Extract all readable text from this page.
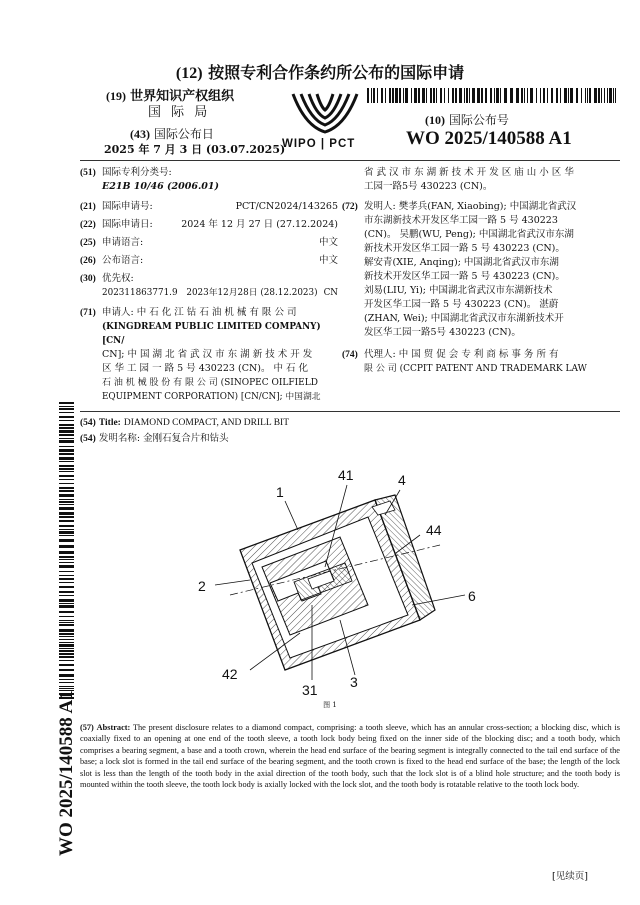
(12) 按照专利合作条约所公布的国际申请
(19) 世界知识产权组织
国 际 局
(43) 国际公布日
2025 年 7 月 3 日 (03.07.2025)
WIPO | PCT
(10) 国际公布号
WO 2025/140588 A1
(51) 国际专利分类号:
E21B 10/46 (2006.01)
(21) 国际申请号:	PCT/CN2024/143265
(22) 国际申请日:	2024 年 12 月 27 日 (27.12.2024)
(25) 申请语言:	中文
(26) 公布语言:	中文
(30) 优先权:
202311863771.9 2023年12月28日 (28.12.2023) CN
(71) 申请人: 中 石 化 江 钻 石 油 机 械 有 限 公 司
(KINGDREAM PUBLIC LIMITED COMPANY) [CN/
CN]; 中 国 湖 北 省 武 汉 市 东 湖 新 技 术 开 发
区 华 工 园 一 路 5 号 430223 (CN)。 中 石 化
石 油 机 械 股 份 有 限 公 司 (SINOPEC OILFIELD
EQUIPMENT CORPORATION) [CN/CN]; 中国湖北
省 武 汉 市 东 湖 新 技 术 开 发 区 庙 山 小 区 华
工园一路5号 430223 (CN)。
(72) 发明人: 樊孝兵(FAN, Xiaobing); 中国湖北省武汉
市东湖新技术开发区华工园一路 5 号 430223
(CN)。 吴鹏(WU, Peng); 中国湖北省武汉市东湖
新技术开发区华工园一路 5 号 430223 (CN)。
解安青(XIE, Anqing); 中国湖北省武汉市东湖
新技术开发区华工园一路 5 号 430223 (CN)。
刘易(LIU, Yi); 中国湖北省武汉市东湖新技术
开发区华工园一路 5 号 430223 (CN)。 湛蔚
(ZHAN, Wei); 中国湖北省武汉市东湖新技术开
发区华工园一路5号 430223 (CN)。
(74) 代理人: 中 国 贸 促 会 专 利 商 标 事 务 所 有
限 公 司 (CCPIT PATENT AND TRADEMARK LAW
WO 2025/140588 A1
(54) Title: DIAMOND COMPACT, AND DRILL BIT
(54) 发明名称: 金刚石复合片和钻头
41	4
1
44
2
6
42	3
31
图 1
(57) Abstract: The present disclosure relates to a diamond compact, comprising: a tooth sleeve, which has an annular cross-section; a blocking disc, which is coaxially fixed to an opening at one end of the tooth sleeve, a tooth lock body being fixed on the inner side of the blocking disc; and a tooth body, which comprises a bearing segment, a base and a tooth crown, wherein the head end surface of the bearing segment is integrally connected to the tail end surface of the base; a lock slot is formed in the tail end surface of the bearing segment, and the tooth crown is fixed to the head end surface of the base; the length of the lock slot is less than the length of the tooth body in the axial direction of the tooth body, such that the lock slot is of a blind hole structure; and the tooth body is mounted within the tooth sleeve, the tooth lock body is axially locked with the lock slot, and the tooth body is rotatable relative to the tooth lock body.
[见续页]
